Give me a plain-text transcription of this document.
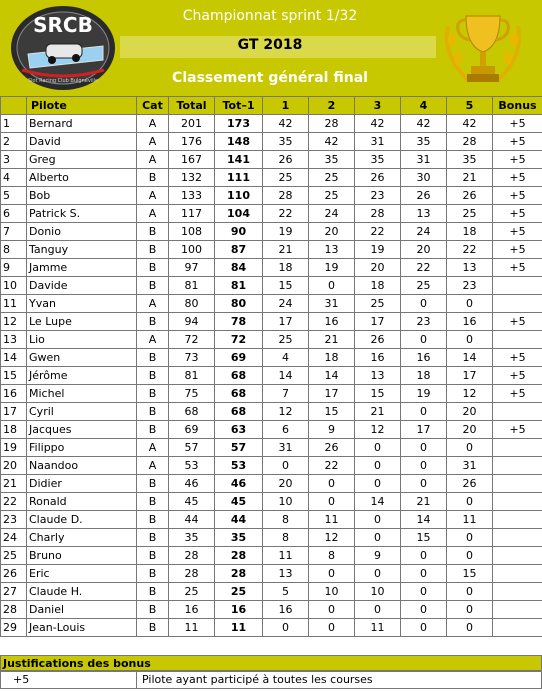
SRCB
Slot Racing Club Bulgnéville
Championnat sprint 1/32
GT 2018
Classement général final
	Pilote	Cat	Total	Tot–1	1	2	3	4	5	Bonus
1	Bernard	A	201	173	42	28	42	42	42	+5
2	David	A	176	148	35	42	31	35	28	+5
3	Greg	A	167	141	26	35	35	31	35	+5
4	Alberto	B	132	111	25	25	26	30	21	+5
5	Bob	A	133	110	28	25	23	26	26	+5
6	Patrick S.	A	117	104	22	24	28	13	25	+5
7	Donio	B	108	90	19	20	22	24	18	+5
8	Tanguy	B	100	87	21	13	19	20	22	+5
9	Jamme	B	97	84	18	19	20	22	13	+5
10	Davide	B	81	81	15	0	18	25	23	
11	Yvan	A	80	80	24	31	25	0	0	
12	Le Lupe	B	94	78	17	16	17	23	16	+5
13	Lio	A	72	72	25	21	26	0	0	
14	Gwen	B	73	69	4	18	16	16	14	+5
15	Jérôme	B	81	68	14	14	13	18	17	+5
16	Michel	B	75	68	7	17	15	19	12	+5
17	Cyril	B	68	68	12	15	21	0	20	
18	Jacques	B	69	63	6	9	12	17	20	+5
19	Filippo	A	57	57	31	26	0	0	0	
20	Naandoo	A	53	53	0	22	0	0	31	
21	Didier	B	46	46	20	0	0	0	26	
22	Ronald	B	45	45	10	0	14	21	0	
23	Claude D.	B	44	44	8	11	0	14	11	
24	Charly	B	35	35	8	12	0	15	0	
25	Bruno	B	28	28	11	8	9	0	0	
26	Eric	B	28	28	13	0	0	0	15	
27	Claude H.	B	25	25	5	10	10	0	0	
28	Daniel	B	16	16	16	0	0	0	0	
29	Jean-Louis	B	11	11	0	0	11	0	0	
Justifications des bonus
+5	Pilote ayant participé à toutes les courses
